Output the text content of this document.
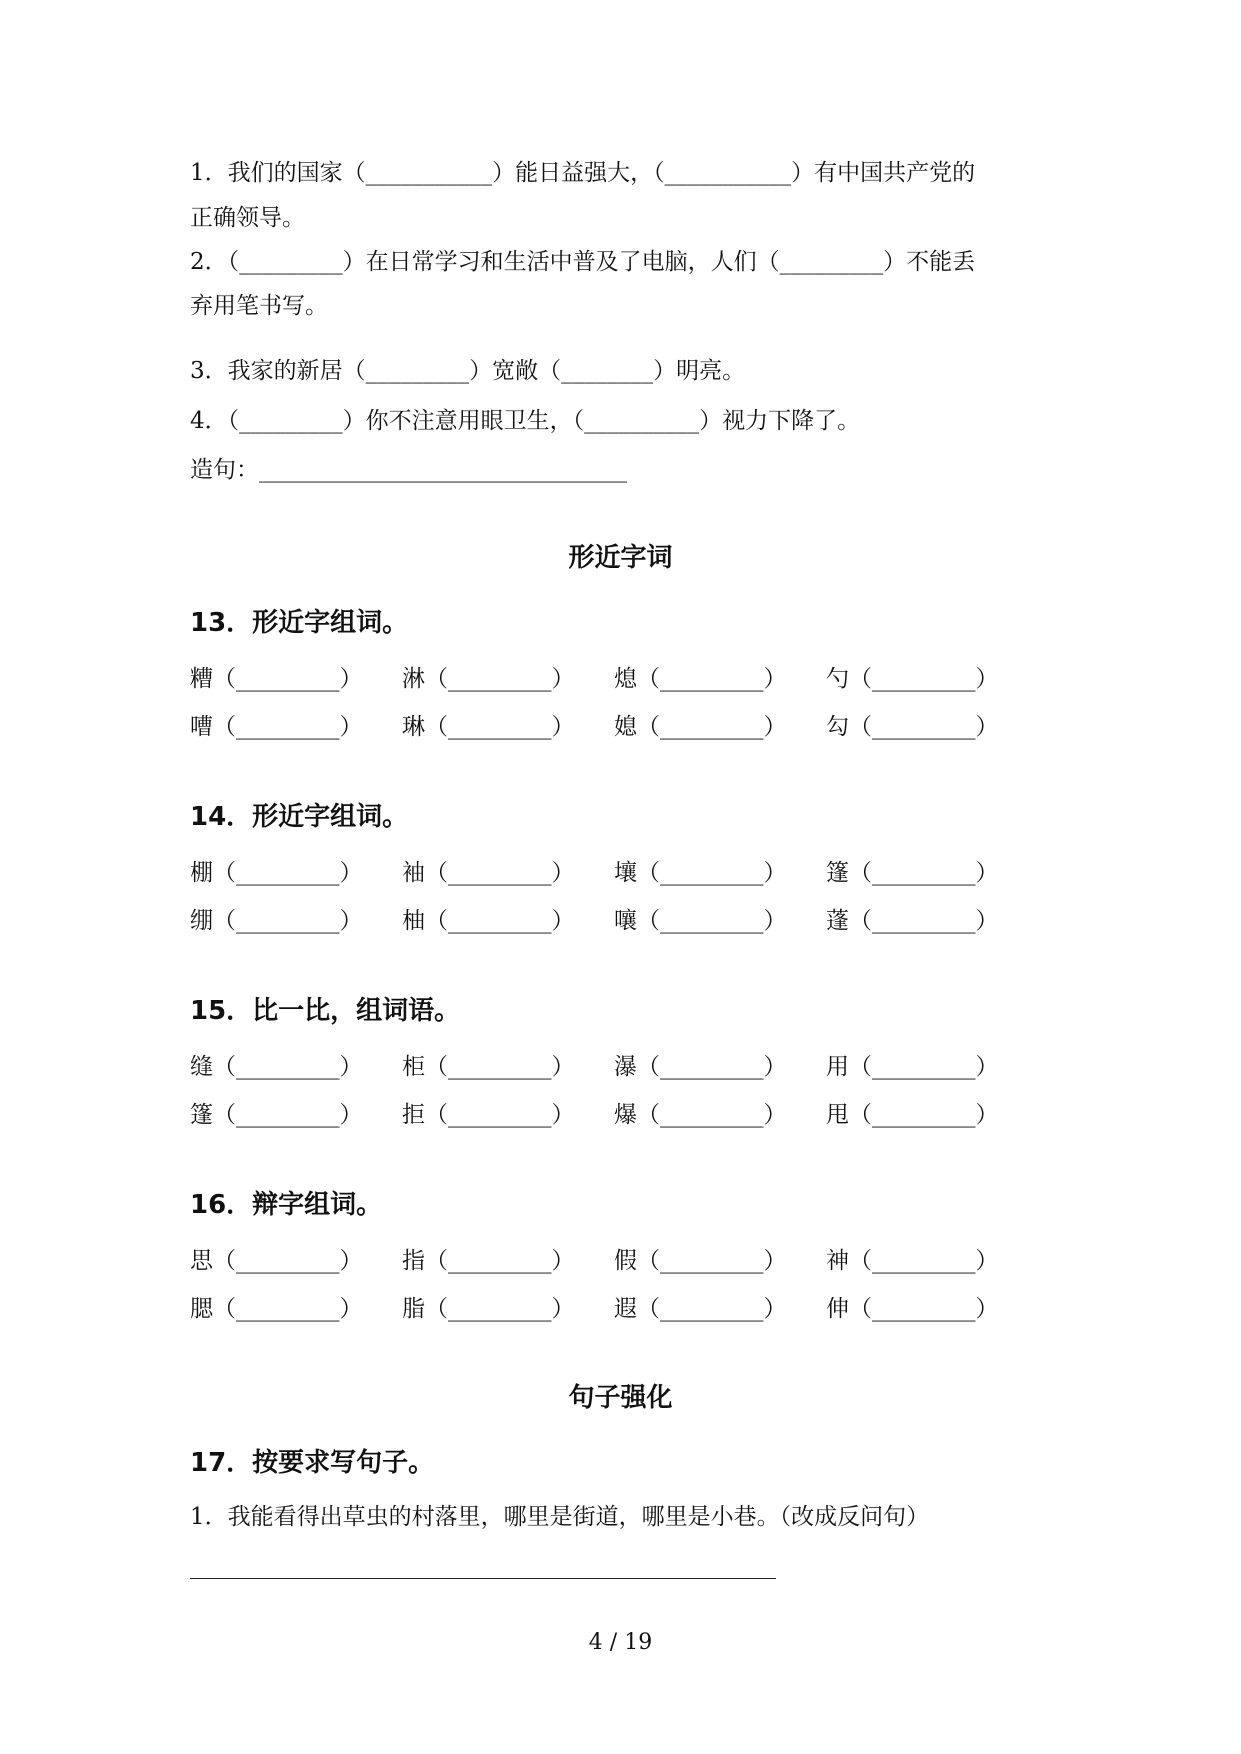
1．我们的国家（___________）能日益强大，（___________）有中国共产党的
正确领导。
2．（_________）在日常学习和生活中普及了电脑，人们（_________）不能丢
弃用笔书写。
3．我家的新居（_________）宽敞（________）明亮。
4．（_________）你不注意用眼卫生，（__________）视力下降了。
造句：________________________________
形近字词
13．形近字组词。
糟（_________） 淋（_________） 熄（_________） 勺（_________）
嘈（_________） 琳（_________） 媳（_________） 勾（_________）
14．形近字组词。
棚（_________） 袖（_________） 壤（_________） 篷（_________）
绷（_________） 柚（_________） 嚷（_________） 蓬（_________）
15．比一比，组词语。
缝（_________） 柜（_________） 瀑（_________） 用（_________）
篷（_________） 拒（_________） 爆（_________） 甩（_________）
16．辩字组词。
思（_________） 指（_________） 假（_________） 神（_________）
腮（_________） 脂（_________） 遐（_________） 伸（_________）
句子强化
17．按要求写句子。
1．我能看得出草虫的村落里，哪里是街道，哪里是小巷。（改成反问句）
4 / 19
